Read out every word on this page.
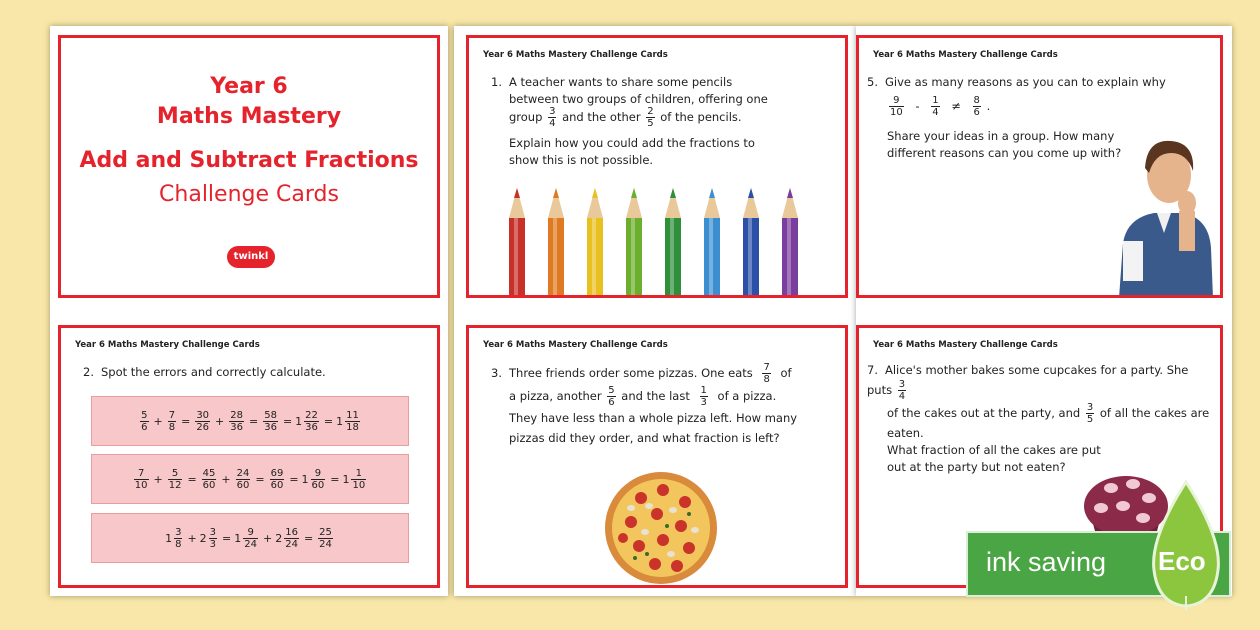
Year 6
Maths Mastery
Add and Subtract Fractions
Challenge Cards
twinkl
Year 6 Maths Mastery Challenge Cards
1. A teacher wants to share some pencils
between two groups of children, offering one
group $\frac{3}{4}$ and the other $\frac{2}{5}$ of the pencils.
Explain how you could add the fractions to
show this is not possible.
Year 6 Maths Mastery Challenge Cards
5. Give as many reasons as you can to explain why
$\frac{9}{10} - \frac{1}{4} \ne \frac{8}{6}$ .
Share your ideas in a group. How many
different reasons can you come up with?
Year 6 Maths Mastery Challenge Cards
2. Spot the errors and correctly calculate.
5
$6 + \frac{7}{8} = \frac{30}{26} + \frac{28}{36} = \frac{58}{36} = 1 \frac{22}{36} = 1$ 11
18
7
$10 + \frac{5}{12} = \frac{45}{60} + \frac{24}{60} = \frac{69}{60} = 1 \frac{9}{60} = 1$ 1
10
1 3
$8 + 2 \frac{3}{3} = 1$ 9
$24 + 2 \frac{16}{24} = \frac{25}{24}$
Year 6 Maths Mastery Challenge Cards
3. Three friends order some pizzas. One eats $\frac{7}{8}$ of
a pizza, another $\frac{5}{6}$ and the last $\frac{1}{3}$ of a pizza.
They have less than a whole pizza left. How many
pizzas did they order, and what fraction is left?
Year 6 Maths Mastery Challenge Cards
7. Alice's mother bakes some cupcakes for a party. She puts $\frac{3}{4}$
of the cakes out at the party, and $\frac{3}{5}$ of all the cakes are
eaten.
What fraction of all the cakes are put
out at the party but not eaten?
ink saving Eco
